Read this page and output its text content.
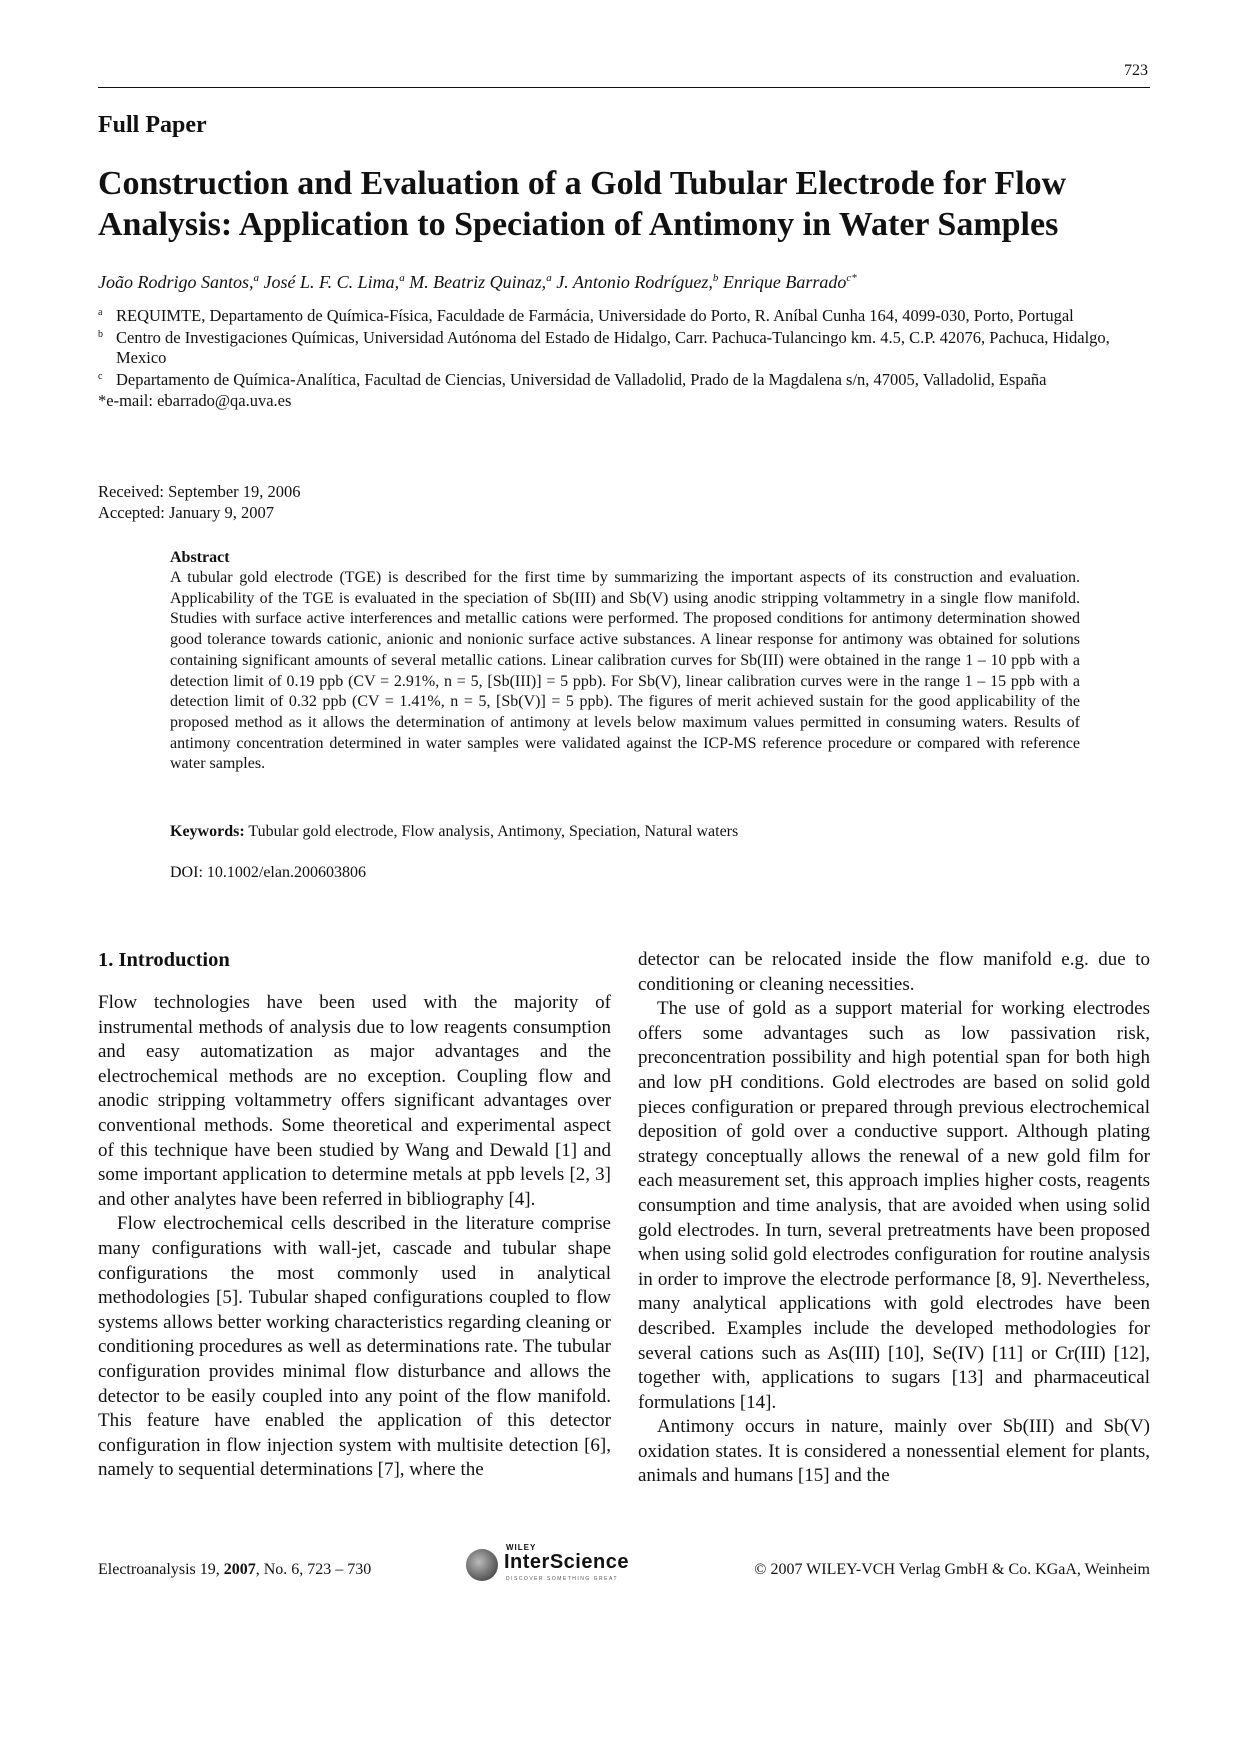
723
Full Paper
Construction and Evaluation of a Gold Tubular Electrode for Flow
Analysis: Application to Speciation of Antimony in Water Samples
João Rodrigo Santos,$^a$ José L. F. C. Lima,$^a$ M. Beatriz Quinaz,$^a$ J. Antonio Rodríguez,$^b$ Enrique Barrado$^{c*}$
a REQUIMTE, Departamento de Química-Física, Faculdade de Farmácia, Universidade do Porto, R. Aníbal Cunha 164, 4099-030, Porto, Portugal
b Centro de Investigaciones Químicas, Universidad Autónoma del Estado de Hidalgo, Carr. Pachuca-Tulancingo km. 4.5, C.P. 42076, Pachuca, Hidalgo, Mexico
c Departamento de Química-Analítica, Facultad de Ciencias, Universidad de Valladolid, Prado de la Magdalena s/n, 47005, Valladolid, España
*e-mail: ebarrado@qa.uva.es
Received: September 19, 2006
Accepted: January 9, 2007
Abstract

A tubular gold electrode (TGE) is described for the first time by summarizing the important aspects of its construction and evaluation. Applicability of the TGE is evaluated in the speciation of Sb(III) and Sb(V) using anodic stripping voltammetry in a single flow manifold. Studies with surface active interferences and metallic cations were performed. The proposed conditions for antimony determination showed good tolerance towards cationic, anionic and nonionic surface active substances. A linear response for antimony was obtained for solutions containing significant amounts of several metallic cations. Linear calibration curves for Sb(III) were obtained in the range 1 – 10 ppb with a detection limit of 0.19 ppb (CV = 2.91%, n = 5, [Sb(III)] = 5 ppb). For Sb(V), linear calibration curves were in the range 1 – 15 ppb with a detection limit of 0.32 ppb (CV = 1.41%, n = 5, [Sb(V)] = 5 ppb). The figures of merit achieved sustain for the good applicability of the proposed method as it allows the determination of antimony at levels below maximum values permitted in consuming waters. Results of antimony concentration determined in water samples were validated against the ICP-MS reference procedure or compared with reference water samples.

Keywords: Tubular gold electrode, Flow analysis, Antimony, Speciation, Natural waters
DOI: 10.1002/elan.200603806
1. Introduction

Flow technologies have been used with the majority of instrumental methods of analysis due to low reagents consumption and easy automatization as major advantages and the electrochemical methods are no exception. Coupling flow and anodic stripping voltammetry offers significant advantages over conventional methods. Some theoretical and experimental aspect of this technique have been studied by Wang and Dewald [1] and some important application to determine metals at ppb levels [2, 3] and other analytes have been referred in bibliography [4].

Flow electrochemical cells described in the literature comprise many configurations with wall-jet, cascade and tubular shape configurations the most commonly used in analytical methodologies [5]. Tubular shaped configurations coupled to flow systems allows better working characteristics regarding cleaning or conditioning procedures as well as determinations rate. The tubular configuration provides minimal flow disturbance and allows the detector to be easily coupled into any point of the flow manifold. This feature have enabled the application of this detector configuration in flow injection system with multisite detection [6], namely to sequential determinations [7], where the

detector can be relocated inside the flow manifold e.g. due to conditioning or cleaning necessities.

The use of gold as a support material for working electrodes offers some advantages such as low passivation risk, preconcentration possibility and high potential span for both high and low pH conditions. Gold electrodes are based on solid gold pieces configuration or prepared through previous electrochemical deposition of gold over a conductive support. Although plating strategy conceptually allows the renewal of a new gold film for each measurement set, this approach implies higher costs, reagents consumption and time analysis, that are avoided when using solid gold electrodes. In turn, several pretreatments have been proposed when using solid gold electrodes configuration for routine analysis in order to improve the electrode performance [8, 9]. Nevertheless, many analytical applications with gold electrodes have been described. Examples include the developed methodologies for several cations such as As(III) [10], Se(IV) [11] or Cr(III) [12], together with, applications to sugars [13] and pharmaceutical formulations [14].

Antimony occurs in nature, mainly over Sb(III) and Sb(V) oxidation states. It is considered a nonessential element for plants, animals and humans [15] and the

Electroanalysis 19, 2007, No. 6, 723 – 730
WILEY
InterScience
DISCOVER SOMETHING GREAT
© 2007 WILEY-VCH Verlag GmbH & Co. KGaA, Weinheim
